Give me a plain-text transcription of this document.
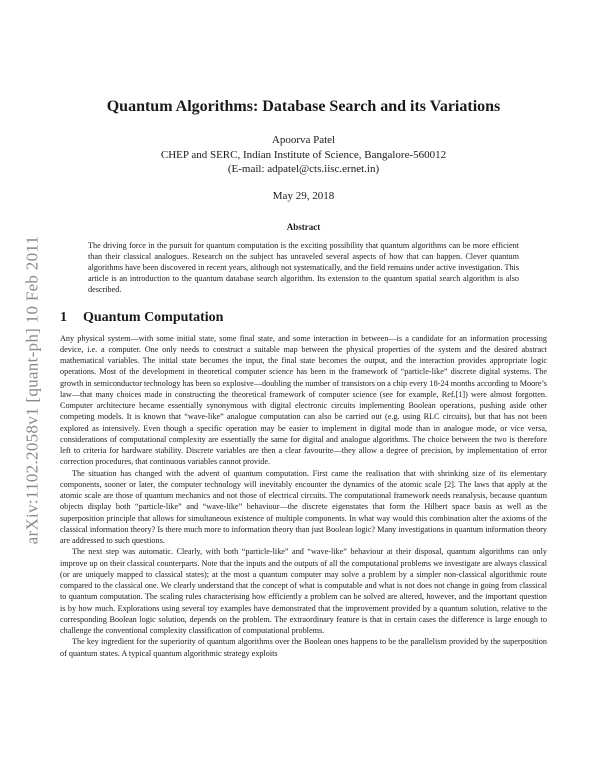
arXiv:1102.2058v1 [quant-ph] 10 Feb 2011
Quantum Algorithms: Database Search and its Variations
Apoorva Patel
CHEP and SERC, Indian Institute of Science, Bangalore-560012
(E-mail: adpatel@cts.iisc.ernet.in)
May 29, 2018
Abstract

The driving force in the pursuit for quantum computation is the exciting possibility that quantum algorithms can be more efficient than their classical analogues. Research on the subject has unraveled several aspects of how that can happen. Clever quantum algorithms have been discovered in recent years, although not systematically, and the field remains under active investigation. This article is an introduction to the quantum database search algorithm. Its extension to the quantum spatial search algorithm is also described.

1 Quantum Computation

Any physical system—with some initial state, some final state, and some interaction in between—is a candidate for an information processing device, i.e. a computer. One only needs to construct a suitable map between the physical properties of the system and the desired abstract mathematical variables. The initial state becomes the input, the final state becomes the output, and the interaction provides appropriate logic operations. Most of the development in theoretical computer science has been in the framework of “particle-like” discrete digital systems. The growth in semiconductor technology has been so explosive—doubling the number of transistors on a chip every 18-24 months according to Moore’s law—that many choices made in constructing the theoretical framework of computer science (see for example, Ref.[1]) were almost forgotten. Computer architecture became essentially synonymous with digital electronic circuits implementing Boolean operations, pushing aside other competing models. It is known that “wave-like” analogue computation can also be carried out (e.g. using RLC circuits), but that has not been explored as intensively. Even though a specific operation may be easier to implement in digital mode than in analogue mode, or vice versa, considerations of computational complexity are essentially the same for digital and analogue algorithms. The choice between the two is therefore left to criteria for hardware stability. Discrete variables are then a clear favourite—they allow a degree of precision, by implementation of error correction procedures, that continuous variables cannot provide.

The situation has changed with the advent of quantum computation. First came the realisation that with shrinking size of its elementary components, sooner or later, the computer technology will inevitably encounter the dynamics of the atomic scale [2]. The laws that apply at the atomic scale are those of quantum mechanics and not those of electrical circuits. The computational framework needs reanalysis, because quantum objects display both “particle-like” and “wave-like” behaviour—the discrete eigenstates that form the Hilbert space basis as well as the superposition principle that allows for simultaneous existence of multiple components. In what way would this combination alter the axioms of the classical information theory? Is there much more to information theory than just Boolean logic? Many investigations in quantum information theory are addressed to such questions.

The next step was automatic. Clearly, with both “particle-like” and “wave-like” behaviour at their disposal, quantum algorithms can only improve up on their classical counterparts. Note that the inputs and the outputs of all the computational problems we investigate are always classical (or are uniquely mapped to classical states); at the most a quantum computer may solve a problem by a simpler non-classical algorithmic route compared to the classical one. We clearly understand that the concept of what is computable and what is not does not change in going from classical to quantum computation. The scaling rules characterising how efficiently a problem can be solved are altered, however, and the important question is by how much. Explorations using several toy examples have demonstrated that the improvement provided by a quantum solution, relative to the corresponding Boolean logic solution, depends on the problem. The extraordinary feature is that in certain cases the difference is large enough to challenge the conventional complexity classification of computational problems.

The key ingredient for the superiority of quantum algorithms over the Boolean ones happens to be the parallelism provided by the superposition of quantum states. A typical quantum algorithmic strategy exploits
